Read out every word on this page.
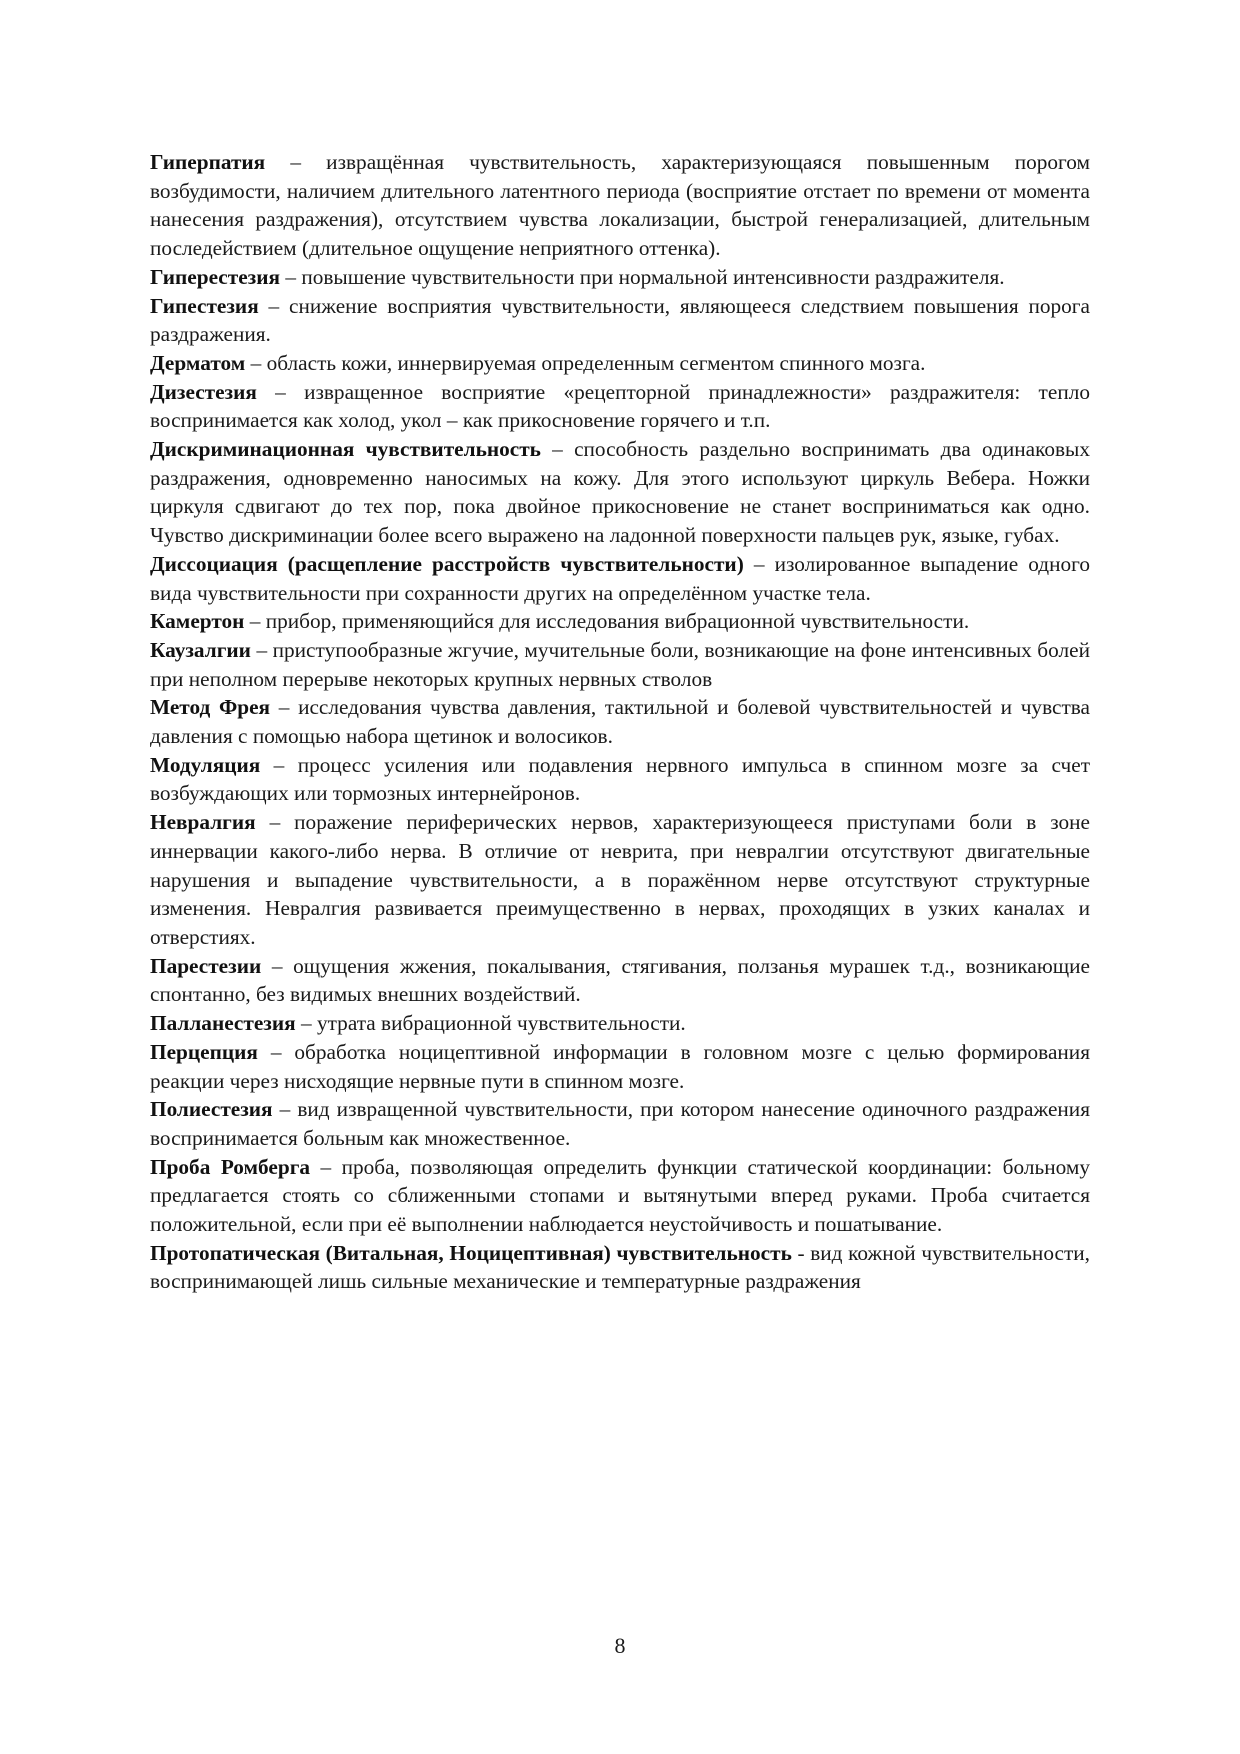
Гиперпатия – извращённая чувствительность, характеризующаяся повышенным порогом возбудимости, наличием длительного латентного периода (восприятие отстает по времени от момента нанесения раздражения), отсутствием чувства локализации, быстрой генерализацией, длительным последействием (длительное ощущение неприятного оттенка).

Гиперестезия – повышение чувствительности при нормальной интенсивности раздражителя.

Гипестезия – снижение восприятия чувствительности, являющееся следствием повышения порога раздражения.

Дерматом – область кожи, иннервируемая определенным сегментом спинного мозга.

Дизестезия – извращенное восприятие «рецепторной принадлежности» раздражителя: тепло воспринимается как холод, укол – как прикосновение горячего и т.п.

Дискриминационная чувствительность – способность раздельно воспринимать два одинаковых раздражения, одновременно наносимых на кожу. Для этого используют циркуль Вебера. Ножки циркуля сдвигают до тех пор, пока двойное прикосновение не станет восприниматься как одно. Чувство дискриминации более всего выражено на ладонной поверхности пальцев рук, языке, губах.

Диссоциация (расщепление расстройств чувствительности) – изолированное выпадение одного вида чувствительности при сохранности других на определённом участке тела.

Камертон – прибор, применяющийся для исследования вибрационной чувствительности.

Каузалгии – приступообразные жгучие, мучительные боли, возникающие на фоне интенсивных болей при неполном перерыве некоторых крупных нервных стволов

Метод Фрея – исследования чувства давления, тактильной и болевой чувствительностей и чувства давления с помощью набора щетинок и волосиков.

Модуляция – процесс усиления или подавления нервного импульса в спинном мозге за счет возбуждающих или тормозных интернейронов.

Невралгия – поражение периферических нервов, характеризующееся приступами боли в зоне иннервации какого-либо нерва. В отличие от неврита, при невралгии отсутствуют двигательные нарушения и выпадение чувствительности, а в поражённом нерве отсутствуют структурные изменения. Невралгия развивается преимущественно в нервах, проходящих в узких каналах и отверстиях.

Парестезии – ощущения жжения, покалывания, стягивания, ползанья мурашек т.д., возникающие спонтанно, без видимых внешних воздействий.

Палланестезия – утрата вибрационной чувствительности.

Перцепция – обработка ноцицептивной информации в головном мозге с целью формирования реакции через нисходящие нервные пути в спинном мозге.

Полиестезия – вид извращенной чувствительности, при котором нанесение одиночного раздражения воспринимается больным как множественное.

Проба Ромберга – проба, позволяющая определить функции статической координации: больному предлагается стоять со сближенными стопами и вытянутыми вперед руками. Проба считается положительной, если при её выполнении наблюдается неустойчивость и пошатывание.

Протопатическая (Витальная, Ноцицептивная) чувствительность - вид кожной чувствительности, воспринимающей лишь сильные механические и температурные раздражения

8
